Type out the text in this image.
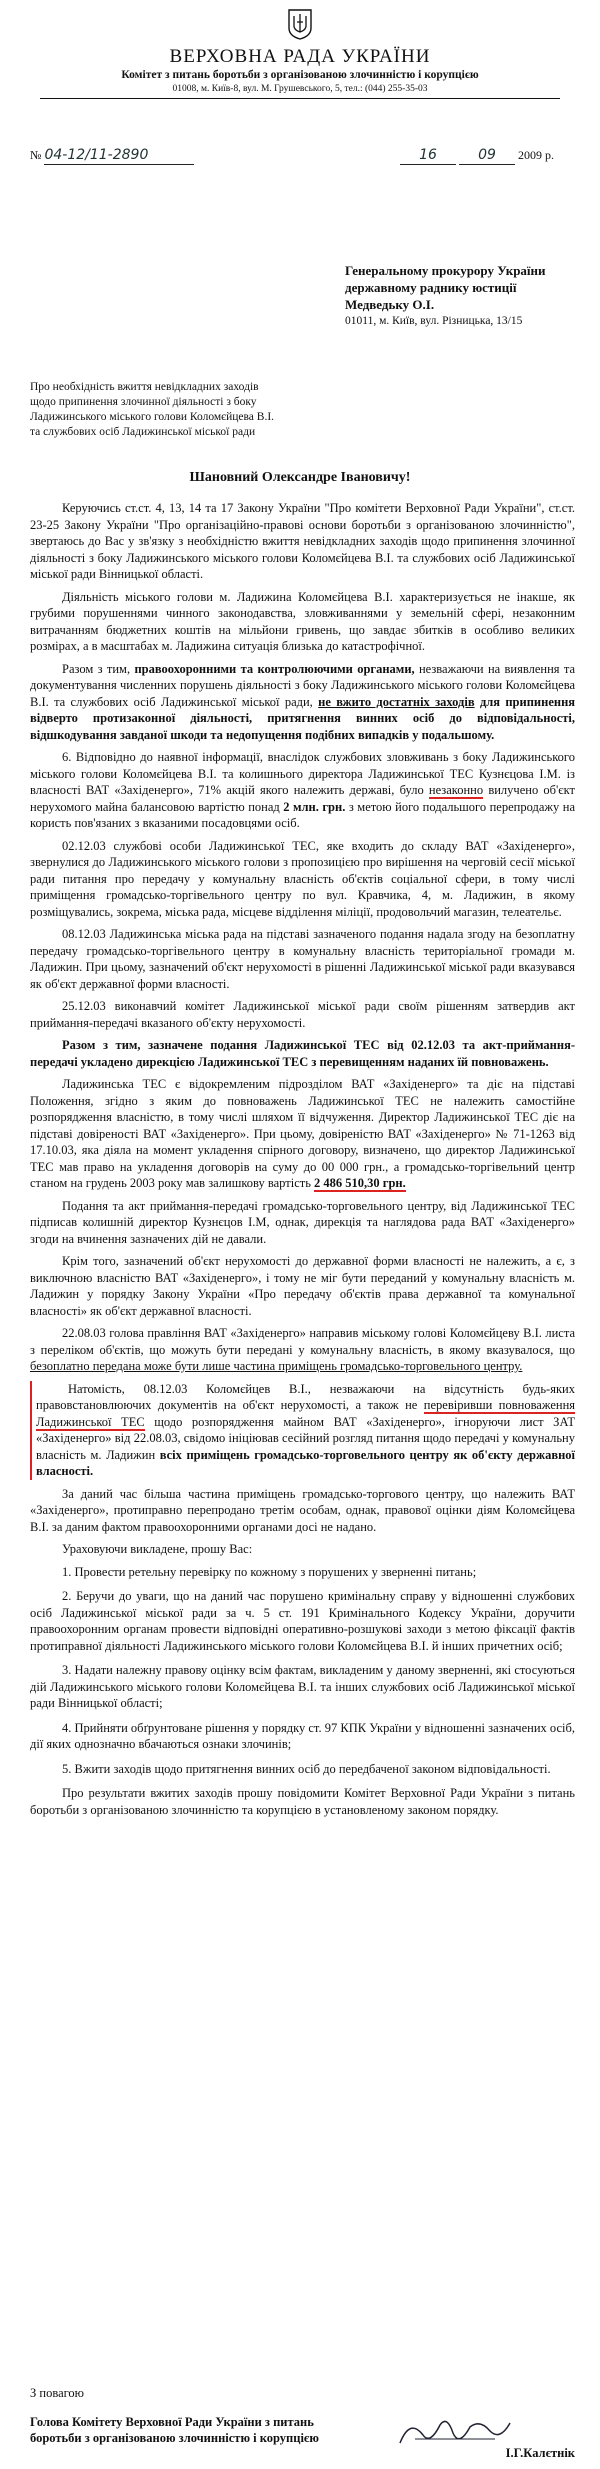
ВЕРХОВНА РАДА УКРАЇНИ
Комітет з питань боротьби з організованою злочинністю і корупцією
01008, м. Київ-8, вул. М. Грушевського, 5, тел.: (044) 255-35-03
№ 04-12/11-2890	16	09 2009 р.
Генеральному прокурору України
державному раднику юстиції
Медведьку О.І.
01011, м. Київ, вул. Різницька, 13/15
Про необхідність вжиття невідкладних заходів
щодо припинення злочинної діяльності з боку
Ладижинського міського голови Коломєйцева В.І.
та службових осіб Ладижинської міської ради
Шановний Олександре Івановичу!

Керуючись ст.ст. 4, 13, 14 та 17 Закону України "Про комітети Верховної Ради України", ст.ст. 23-25 Закону України "Про організаційно-правові основи боротьби з організованою злочинністю", звертаюсь до Вас у зв'язку з необхідністю вжиття невідкладних заходів щодо припинення злочинної діяльності з боку Ладижинського міського голови Коломєйцева В.І. та службових осіб Ладижинської міської ради Вінницької області.

Діяльність міського голови м. Ладижина Коломєйцева В.І. характеризується не інакше, як грубими порушеннями чинного законодавства, зловживаннями у земельній сфері, незаконним витрачанням бюджетних коштів на мільйони гривень, що завдає збитків в особливо великих розмірах, а в масштабах м. Ладижина ситуація близька до катастрофічної.

Разом з тим, правоохоронними та контролюючими органами, незважаючи на виявлення та документування численних порушень діяльності з боку Ладижинського міського голови Коломєйцева В.І. та службових осіб Ладижинської міської ради, не вжито достатніх заходів для припинення відверто протизаконної діяльності, притягнення винних осіб до відповідальності, відшкодування завданої шкоди та недопущення подібних випадків у подальшому.

6. Відповідно до наявної інформації, внаслідок службових зловживань з боку Ладижинського міського голови Коломєйцева В.І. та колишнього директора Ладижинської ТЕС Кузнєцова І.М. із власності ВАТ «Західенерго», 71% акцій якого належить державі, було незаконно вилучено об'єкт нерухомого майна балансовою вартістю понад 2 млн. грн. з метою його подальшого перепродажу на користь пов'язаних з вказаними посадовцями осіб.

02.12.03 службові особи Ладижинської ТЕС, яке входить до складу ВАТ «Західенерго», звернулися до Ладижинського міського голови з пропозицією про вирішення на черговій сесії міської ради питання про передачу у комунальну власність об'єктів соціальної сфери, в тому числі приміщення громадсько-торгівельного центру по вул. Кравчика, 4, м. Ладижин, в якому розміщувались, зокрема, міська рада, місцеве відділення міліції, продовольчий магазин, телеательє.

08.12.03 Ладижинська міська рада на підставі зазначеного подання надала згоду на безоплатну передачу громадсько-торгівельного центру в комунальну власність територіальної громади м. Ладижин. При цьому, зазначений об'єкт нерухомості в рішенні Ладижинської міської ради вказувався як об'єкт державної форми власності.

25.12.03 виконавчий комітет Ладижинської міської ради своїм рішенням затвердив акт приймання-передачі вказаного об'єкту нерухомості.

Разом з тим, зазначене подання Ладижинської ТЕС від 02.12.03 та акт-приймання-передачі укладено дирекцією Ладижинської ТЕС з перевищенням наданих їй повноважень.

Ладижинська ТЕС є відокремленим підрозділом ВАТ «Західенерго» та діє на підставі Положення, згідно з яким до повноважень Ладижинської ТЕС не належить самостійне розпорядження власністю, в тому числі шляхом її відчуження. Директор Ладижинської ТЕС діє на підставі довіреності ВАТ «Західенерго». При цьому, довіреністю ВАТ «Західенерго» № 71-1263 від 17.10.03, яка діяла на момент укладення спірного договору, визначено, що директор Ладижинської ТЕС мав право на укладення договорів на суму до 00 000 грн., а громадсько-торгівельний центр станом на грудень 2003 року мав залишкову вартість 2 486 510,30 грн.

Подання та акт приймання-передачі громадсько-торговельного центру, від Ладижинської ТЕС підписав колишній директор Кузнєцов І.М, однак, дирекція та наглядова рада ВАТ «Західенерго» згоди на вчинення зазначених дій не давали.

Крім того, зазначений об'єкт нерухомості до державної форми власності не належить, а є, з виключною власністю ВАТ «Західенерго», і тому не міг бути переданий у комунальну власність м. Ладижин у порядку Закону України «Про передачу об'єктів права державної та комунальної власності» як об'єкт державної власності.

22.08.03 голова правління ВАТ «Західенерго» направив міському голові Коломєйцеву В.І. листа з переліком об'єктів, що можуть бути передані у комунальну власність, в якому вказувалося, що безоплатно передана може бути лише частина приміщень громадсько-торговельного центру.

Натомість, 08.12.03 Коломєйцев В.І., незважаючи на відсутність будь-яких правовстановлюючих документів на об'єкт нерухомості, а також не перевіривши повноваження Ладижинської ТЕС щодо розпорядження майном ВАТ «Західенерго», ігноруючи лист ЗАТ «Західенерго» від 22.08.03, свідомо ініціював сесійний розгляд питання щодо передачі у комунальну власність м. Ладижин всіх приміщень громадсько-торговельного центру як об'єкту державної власності.

За даний час більша частина приміщень громадсько-торгового центру, що належить ВАТ «Західенерго», протиправно перепродано третім особам, однак, правової оцінки діям Коломєйцева В.І. за даним фактом правоохоронними органами досі не надано.

Ураховуючи викладене, прошу Вас:

1. Провести ретельну перевірку по кожному з порушених у зверненні питань;

2. Беручи до уваги, що на даний час порушено кримінальну справу у відношенні службових осіб Ладижинської міської ради за ч. 5 ст. 191 Кримінального Кодексу України, доручити правоохоронним органам провести відповідні оперативно-розшукові заходи з метою фіксації фактів протиправної діяльності Ладижинського міського голови Коломєйцева В.І. й інших причетних осіб;

3. Надати належну правову оцінку всім фактам, викладеним у даному зверненні, які стосуються дій Ладижинського міського голови Коломєйцева В.І. та інших службових осіб Ладижинської міської ради Вінницької області;

4. Прийняти обґрунтоване рішення у порядку ст. 97 КПК України у відношенні зазначених осіб, дії яких однозначно вбачаються ознаки злочинів;

5. Вжити заходів щодо притягнення винних осіб до передбаченої законом відповідальності.

Про результати вжитих заходів прошу повідомити Комітет Верховної Ради України з питань боротьби з організованою злочинністю та корупцією в установленому законом порядку.

З повагою
Голова Комітету Верховної Ради України з питань боротьби з організованою злочинністю і корупцією
І.Г.Калєтнік
